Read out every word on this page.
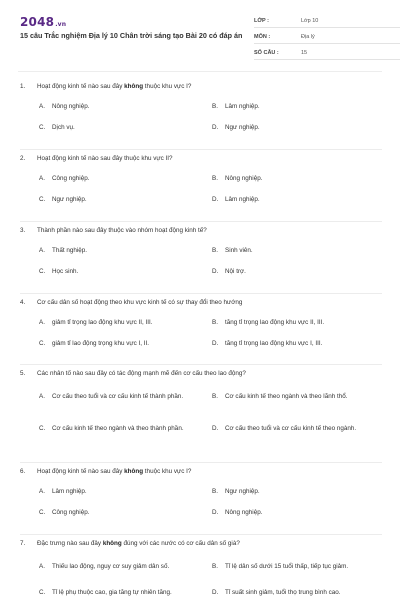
2048.vn
15 câu Trắc nghiệm Địa lý 10 Chân trời sáng tạo Bài 20 có đáp án
LỚP :	Lớp 10
MÔN :	Địa lý
SỐ CÂU :	15
1. Hoạt động kinh tế nào sau đây không thuộc khu vực I?
A.	Nông nghiệp.	B.	Lâm nghiệp.
C.	Dịch vụ.	D.	Ngư nghiệp.
2. Hoạt động kinh tế nào sau đây thuộc khu vực II?
A.	Công nghiệp.	B.	Nông nghiệp.
C.	Ngư nghiệp.	D.	Lâm nghiệp.
3. Thành phần nào sau đây thuộc vào nhóm hoạt động kinh tế?
A.	Thất nghiệp.	B.	Sinh viên.
C.	Học sinh.	D.	Nội trợ.
4. Cơ cấu dân số hoạt động theo khu vực kinh tế có sự thay đổi theo hướng
A.	giảm tỉ trọng lao động khu vực II, III.	B.	tăng tỉ trọng lao động khu vực II, III.
C.	giảm tỉ lao động trọng khu vực I, II.	D.	tăng tỉ trọng lao động khu vực I, III.
5. Các nhân tố nào sau đây có tác động mạnh mẽ đến cơ cấu theo lao động?
A.	Cơ cấu theo tuổi và cơ cấu kinh tế thành phần.	B.	Cơ cấu kinh tế theo ngành và theo lãnh thổ.
C.	Cơ cấu kinh tế theo ngành và theo thành phần.	D.	Cơ cấu theo tuổi và cơ cấu kinh tế theo ngành.
6. Hoạt động kinh tế nào sau đây không thuộc khu vực I?
A.	Lâm nghiệp.	B.	Ngư nghiệp.
C.	Công nghiệp.	D.	Nông nghiệp.
7. Đặc trưng nào sau đây không đúng với các nước có cơ cấu dân số già?
A.	Thiếu lao động, nguy cơ suy giảm dân số.	B.	Tỉ lệ dân số dưới 15 tuổi thấp, tiếp tục giảm.
C.	Tỉ lệ phụ thuộc cao, gia tăng tự nhiên tăng.	D.	Tỉ suất sinh giảm, tuổi thọ trung bình cao.
